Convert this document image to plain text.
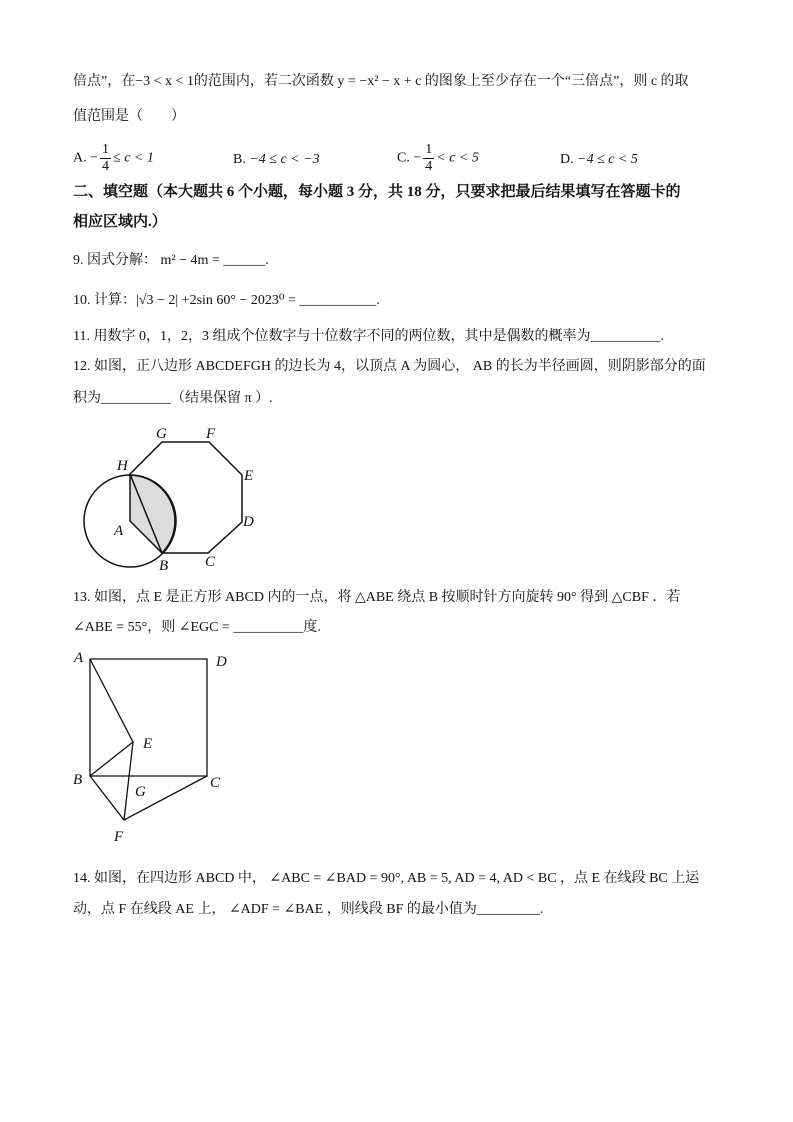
倍点”，在−3 < x < 1的范围内，若二次函数 y = −x² − x + c 的图象上至少存在一个“三倍点”，则 c 的取
值范围是（　　）
A. − $\frac{1}{4} \le c < 1$	B. −4 ≤ c < −3	C. − $\frac{1}{4} < c < 5$	D. −4 ≤ c < 5
二、填空题（本大题共 6 个小题，每小题 3 分，共 18 分，只要求把最后结果填写在答题卡的
相应区域内.）
9. 因式分解： m² − 4m = ______.
10. 计算：|√3 − 2| +2sin 60° − 2023⁰ = ___________.
11. 用数字 0，1，2，3 组成个位数字与十位数字不同的两位数，其中是偶数的概率为__________.
12. 如图，正八边形 ABCDEFGH 的边长为 4，以顶点 A 为圆心， AB 的长为半径画圆，则阴影部分的面
积为__________（结果保留 π ）.
G	F
H
E
D
A
B C
13. 如图，点 E 是正方形 ABCD 内的一点，将 △ABE 绕点 B 按顺时针方向旋转 90° 得到 △CBF ．若
∠ABE = 55°，则 ∠EGC = __________度.
A	D
E
B	C
G
F
14. 如图，在四边形 ABCD 中， ∠ABC = ∠BAD = 90°, AB = 5, AD = 4, AD < BC ，点 E 在线段 BC 上运
动，点 F 在线段 AE 上， ∠ADF = ∠BAE ，则线段 BF 的最小值为_________.
